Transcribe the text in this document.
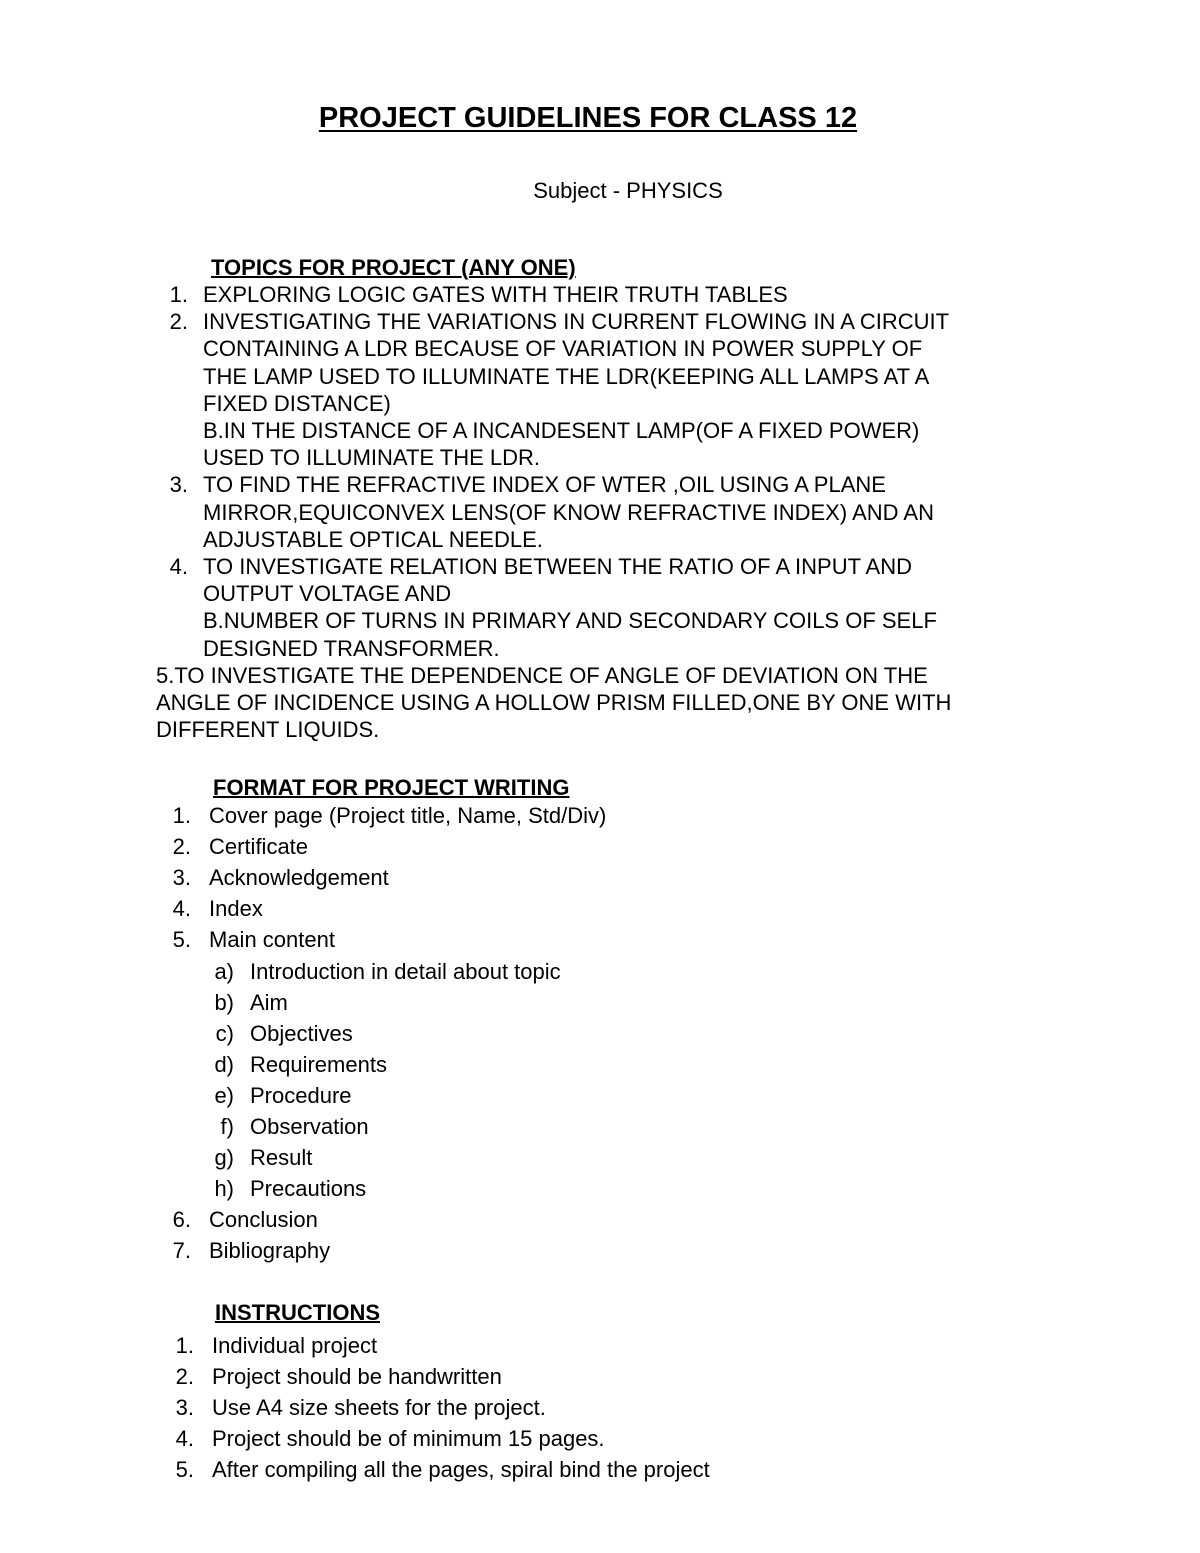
PROJECT GUIDELINES FOR CLASS 12
Subject - PHYSICS
TOPICS FOR PROJECT (ANY ONE)
1. EXPLORING LOGIC GATES WITH THEIR TRUTH TABLES
2. INVESTIGATING THE VARIATIONS IN CURRENT FLOWING IN A CIRCUIT
CONTAINING A LDR BECAUSE OF VARIATION IN POWER SUPPLY OF
THE LAMP USED TO ILLUMINATE THE LDR(KEEPING ALL LAMPS AT A
FIXED DISTANCE)
B.IN THE DISTANCE OF A INCANDESENT LAMP(OF A FIXED POWER)
USED TO ILLUMINATE THE LDR.
3. TO FIND THE REFRACTIVE INDEX OF WTER ,OIL USING A PLANE
MIRROR,EQUICONVEX LENS(OF KNOW REFRACTIVE INDEX) AND AN
ADJUSTABLE OPTICAL NEEDLE.
4. TO INVESTIGATE RELATION BETWEEN THE RATIO OF A INPUT AND
OUTPUT VOLTAGE AND
B.NUMBER OF TURNS IN PRIMARY AND SECONDARY COILS OF SELF
DESIGNED TRANSFORMER.
5.TO INVESTIGATE THE DEPENDENCE OF ANGLE OF DEVIATION ON THE
ANGLE OF INCIDENCE USING A HOLLOW PRISM FILLED,ONE BY ONE WITH
DIFFERENT LIQUIDS.
FORMAT FOR PROJECT WRITING
1. Cover page (Project title, Name, Std/Div)
2. Certificate
3. Acknowledgement
4. Index
5. Main content
a) Introduction in detail about topic
b) Aim
c) Objectives
d) Requirements
e) Procedure
f) Observation
g) Result
h) Precautions
6. Conclusion
7. Bibliography
INSTRUCTIONS
1. Individual project
2. Project should be handwritten
3. Use A4 size sheets for the project.
4. Project should be of minimum 15 pages.
5. After compiling all the pages, spiral bind the project
